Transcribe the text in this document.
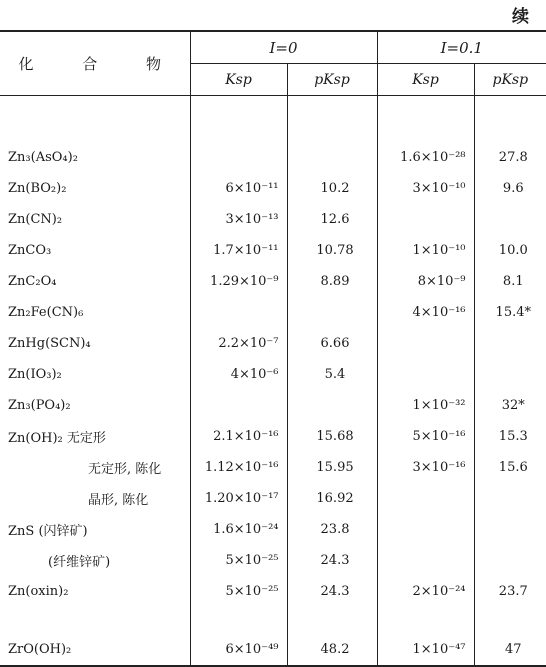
续
化 合 物	I=0		I=0.1	
	Ksp	pKsp	Ksp	pKsp

Zn₃(AsO₄)₂			1.6×10⁻²⁸	27.8
Zn(BO₂)₂	6×10⁻¹¹	10.2	3×10⁻¹⁰	9.6
Zn(CN)₂	3×10⁻¹³	12.6		
ZnCO₃	1.7×10⁻¹¹	10.78	1×10⁻¹⁰	10.0
ZnC₂O₄	1.29×10⁻⁹	8.89	8×10⁻⁹	8.1
Zn₂Fe(CN)₆			4×10⁻¹⁶	15.4*
ZnHg(SCN)₄	2.2×10⁻⁷	6.66		
Zn(IO₃)₂	4×10⁻⁶	5.4		
Zn₃(PO₄)₂			1×10⁻³²	32*
Zn(OH)₂ 无定形	2.1×10⁻¹⁶	15.68	5×10⁻¹⁶	15.3
无定形, 陈化	1.12×10⁻¹⁶	15.95	3×10⁻¹⁶	15.6
晶形, 陈化	1.20×10⁻¹⁷	16.92		
ZnS (闪锌矿)	1.6×10⁻²⁴	23.8		
(纤维锌矿)	5×10⁻²⁵	24.3		
Zn(oxin)₂	5×10⁻²⁵	24.3	2×10⁻²⁴	23.7

ZrO(OH)₂	6×10⁻⁴⁹	48.2	1×10⁻⁴⁷	47
